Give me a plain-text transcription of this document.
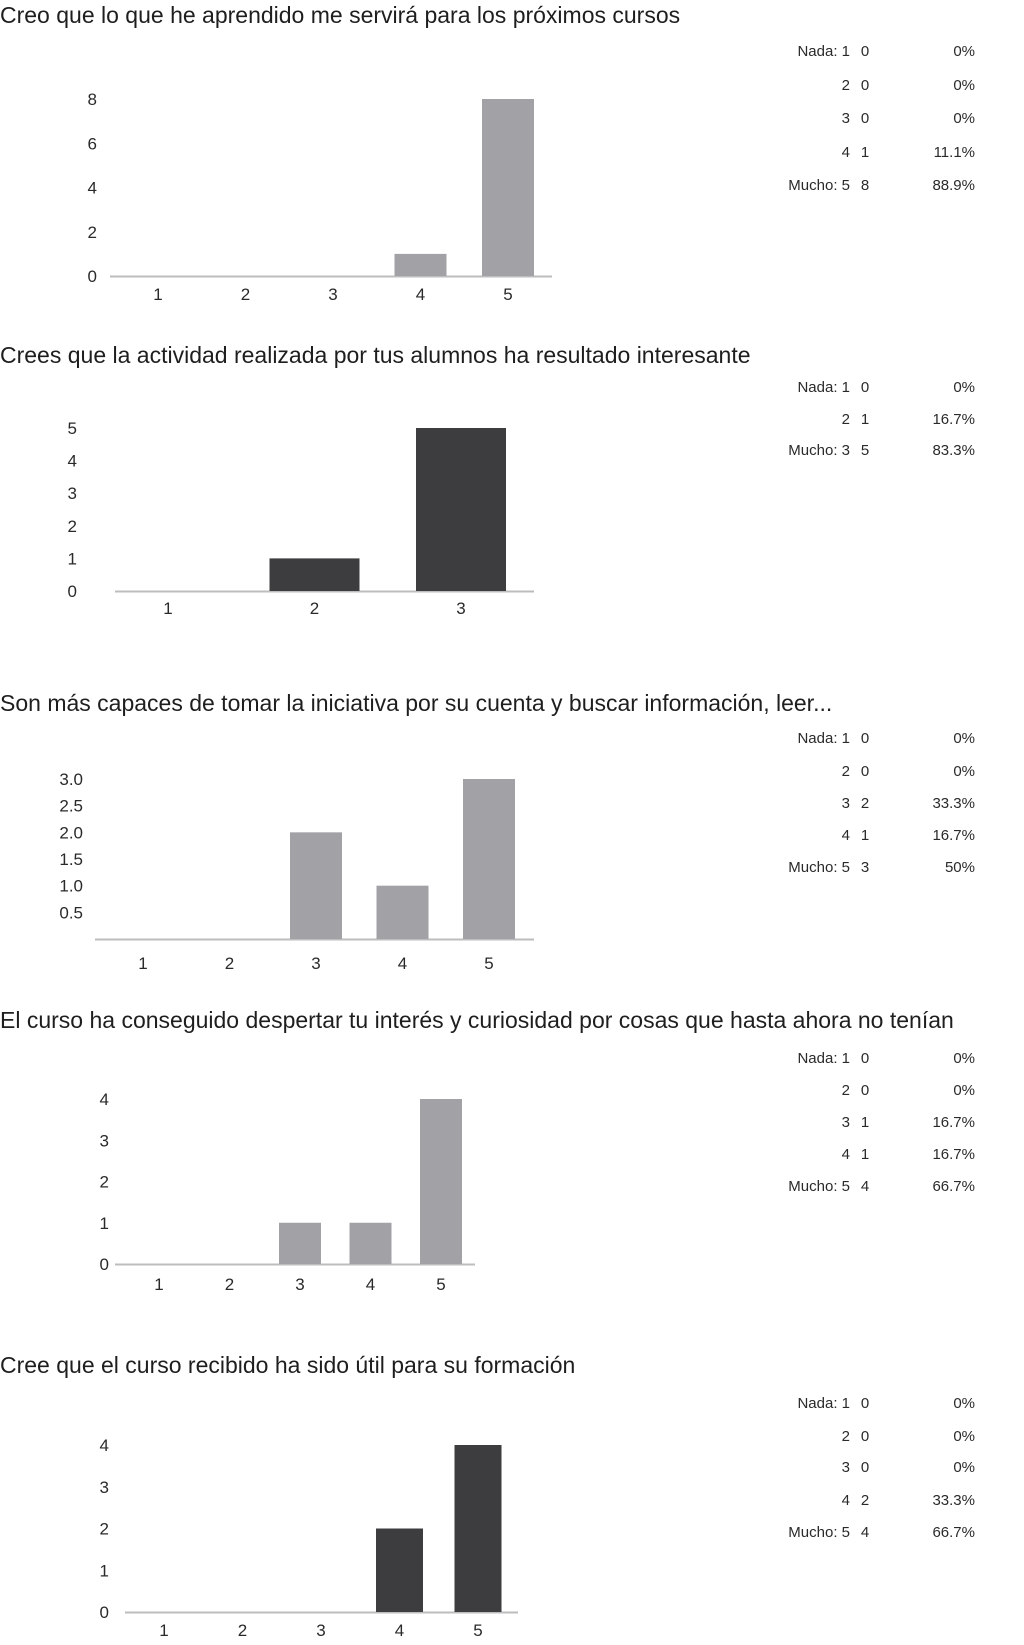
Creo que lo que he aprendido me servirá para los próximos cursos
0
2
4
6
8
1	2	3	4	5
Nada: 1 0	0%
2 0	0%
3 0	0%
4 1	11.1%
Mucho: 5 8	88.9%
Crees que la actividad realizada por tus alumnos ha resultado interesante
0
1
2
3
4
5
1	2	3
Nada: 1 0	0%
2 1	16.7%
Mucho: 3 5	83.3%
Son más capaces de tomar la iniciativa por su cuenta y buscar información, leer...
0.5
1.0
1.5
2.0
2.5
3.0
1	2	3	4	5
Nada: 1 0	0%
2 0	0%
3 2	33.3%
4 1	16.7%
Mucho: 5 3	50%
El curso ha conseguido despertar tu interés y curiosidad por cosas que hasta ahora no tenían
0
1
2
3
4
1	2	3	4	5
Nada: 1 0	0%
2 0	0%
3 1	16.7%
4 1	16.7%
Mucho: 5 4	66.7%
Cree que el curso recibido ha sido útil para su formación
0
1
2
3
4
1	2	3	4	5
Nada: 1 0	0%
2 0	0%
3 0	0%
4 2	33.3%
Mucho: 5 4	66.7%
